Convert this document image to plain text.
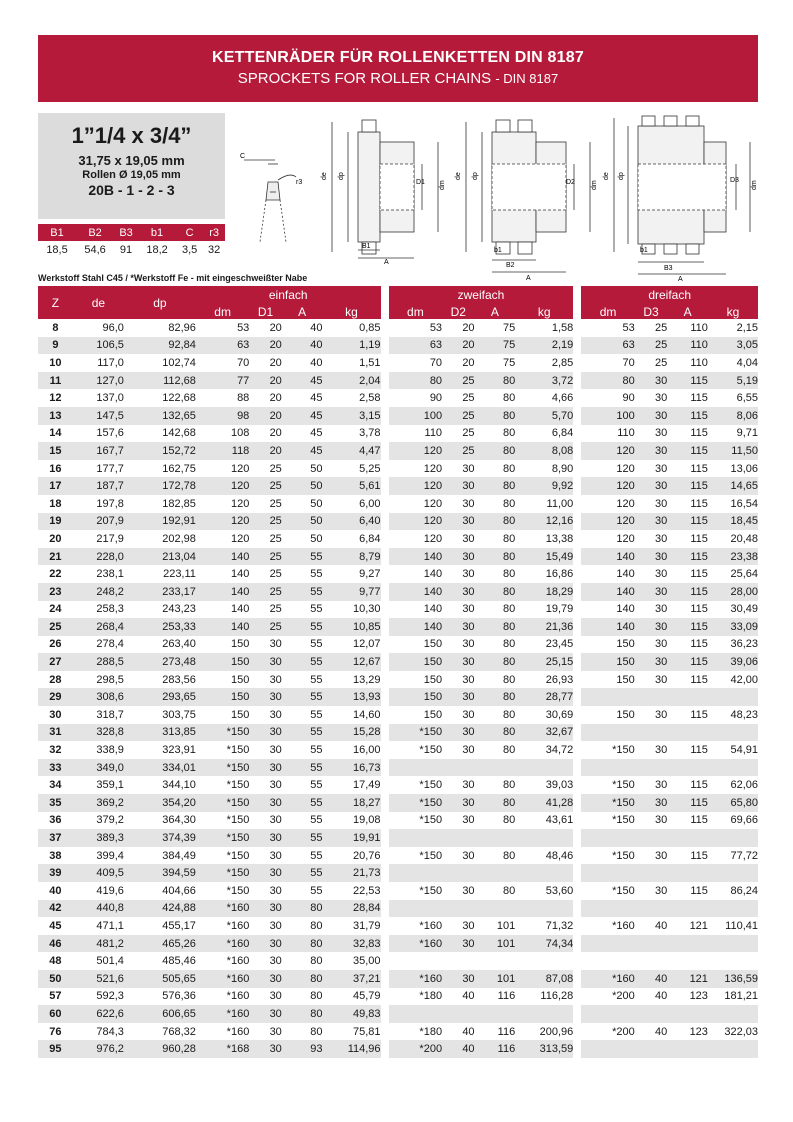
KETTENRÄDER FÜR ROLLENKETTEN DIN 8187
SPROCKETS FOR ROLLER CHAINS - DIN 8187
1”1/4 x 3/4”
31,75 x 19,05 mm
Rollen Ø 19,05 mm
20B - 1 - 2 - 3
B1	B2	B3	b1	C	r3
18,5	54,6	91	18,2	3,5	32
Werkstoff Stahl C45 / *Werkstoff Fe - mit eingeschweißter Nabe
C
r3
de dp
D1 dm
B1
A
de dp
D2 dm
b1
B2
A
de dp
D3 dm
b1
B3
A
Z	de	dp	einfach					zweifach					dreifach			
			dm	D1	A	kg		dm	D2	A	kg		dm	D3	A	kg
8	96,0	82,96	53	20	40	0,85		53	20	75	1,58		53	25	110	2,15
9	106,5	92,84	63	20	40	1,19		63	20	75	2,19		63	25	110	3,05
10	117,0	102,74	70	20	40	1,51		70	20	75	2,85		70	25	110	4,04
11	127,0	112,68	77	20	45	2,04		80	25	80	3,72		80	30	115	5,19
12	137,0	122,68	88	20	45	2,58		90	25	80	4,66		90	30	115	6,55
13	147,5	132,65	98	20	45	3,15		100	25	80	5,70		100	30	115	8,06
14	157,6	142,68	108	20	45	3,78		110	25	80	6,84		110	30	115	9,71
15	167,7	152,72	118	20	45	4,47		120	25	80	8,08		120	30	115	11,50
16	177,7	162,75	120	25	50	5,25		120	30	80	8,90		120	30	115	13,06
17	187,7	172,78	120	25	50	5,61		120	30	80	9,92		120	30	115	14,65
18	197,8	182,85	120	25	50	6,00		120	30	80	11,00		120	30	115	16,54
19	207,9	192,91	120	25	50	6,40		120	30	80	12,16		120	30	115	18,45
20	217,9	202,98	120	25	50	6,84		120	30	80	13,38		120	30	115	20,48
21	228,0	213,04	140	25	55	8,79		140	30	80	15,49		140	30	115	23,38
22	238,1	223,11	140	25	55	9,27		140	30	80	16,86		140	30	115	25,64
23	248,2	233,17	140	25	55	9,77		140	30	80	18,29		140	30	115	28,00
24	258,3	243,23	140	25	55	10,30		140	30	80	19,79		140	30	115	30,49
25	268,4	253,33	140	25	55	10,85		140	30	80	21,36		140	30	115	33,09
26	278,4	263,40	150	30	55	12,07		150	30	80	23,45		150	30	115	36,23
27	288,5	273,48	150	30	55	12,67		150	30	80	25,15		150	30	115	39,06
28	298,5	283,56	150	30	55	13,29		150	30	80	26,93		150	30	115	42,00
29	308,6	293,65	150	30	55	13,93		150	30	80	28,77					
30	318,7	303,75	150	30	55	14,60		150	30	80	30,69		150	30	115	48,23
31	328,8	313,85	*150	30	55	15,28		*150	30	80	32,67					
32	338,9	323,91	*150	30	55	16,00		*150	30	80	34,72		*150	30	115	54,91
33	349,0	334,01	*150	30	55	16,73										
34	359,1	344,10	*150	30	55	17,49		*150	30	80	39,03		*150	30	115	62,06
35	369,2	354,20	*150	30	55	18,27		*150	30	80	41,28		*150	30	115	65,80
36	379,2	364,30	*150	30	55	19,08		*150	30	80	43,61		*150	30	115	69,66
37	389,3	374,39	*150	30	55	19,91										
38	399,4	384,49	*150	30	55	20,76		*150	30	80	48,46		*150	30	115	77,72
39	409,5	394,59	*150	30	55	21,73										
40	419,6	404,66	*150	30	55	22,53		*150	30	80	53,60		*150	30	115	86,24
42	440,8	424,88	*160	30	80	28,84										
45	471,1	455,17	*160	30	80	31,79		*160	30	101	71,32		*160	40	121	110,41
46	481,2	465,26	*160	30	80	32,83		*160	30	101	74,34					
48	501,4	485,46	*160	30	80	35,00										
50	521,6	505,65	*160	30	80	37,21		*160	30	101	87,08		*160	40	121	136,59
57	592,3	576,36	*160	30	80	45,79		*180	40	116	116,28		*200	40	123	181,21
60	622,6	606,65	*160	30	80	49,83										
76	784,3	768,32	*160	30	80	75,81		*180	40	116	200,96		*200	40	123	322,03
95	976,2	960,28	*168	30	93	114,96		*200	40	116	313,59					
